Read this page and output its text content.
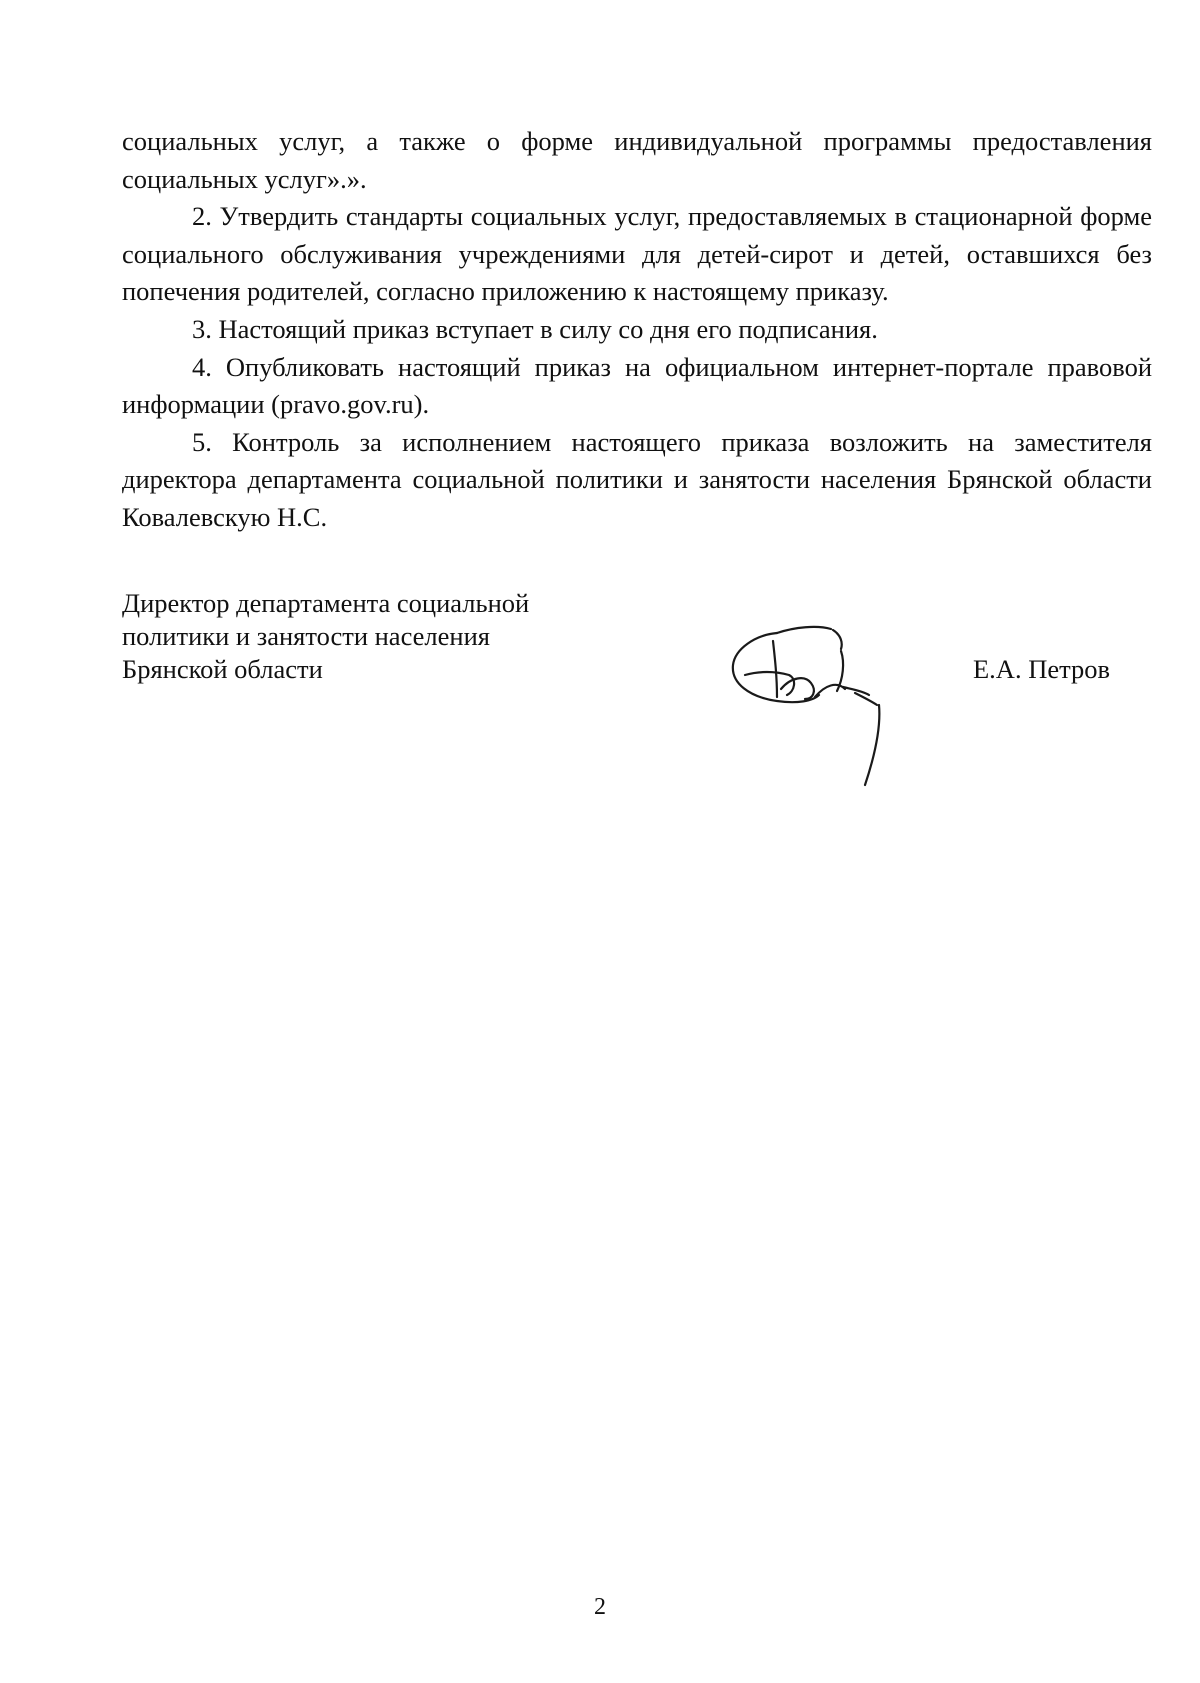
социальных услуг, а также о форме индивидуальной программы предоставления социальных услуг».».

2. Утвердить стандарты социальных услуг, предоставляемых в стационарной форме социального обслуживания учреждениями для детей-сирот и детей, оставшихся без попечения родителей, согласно приложению к настоящему приказу.

3. Настоящий приказ вступает в силу со дня его подписания.

4. Опубликовать настоящий приказ на официальном интернет-портале правовой информации (pravo.gov.ru).

5. Контроль за исполнением настоящего приказа возложить на заместителя директора департамента социальной политики и занятости населения Брянской области Ковалевскую Н.С.

Директор департамента социальной
политики и занятости населения
Брянской области	Е.А. Петров
2
